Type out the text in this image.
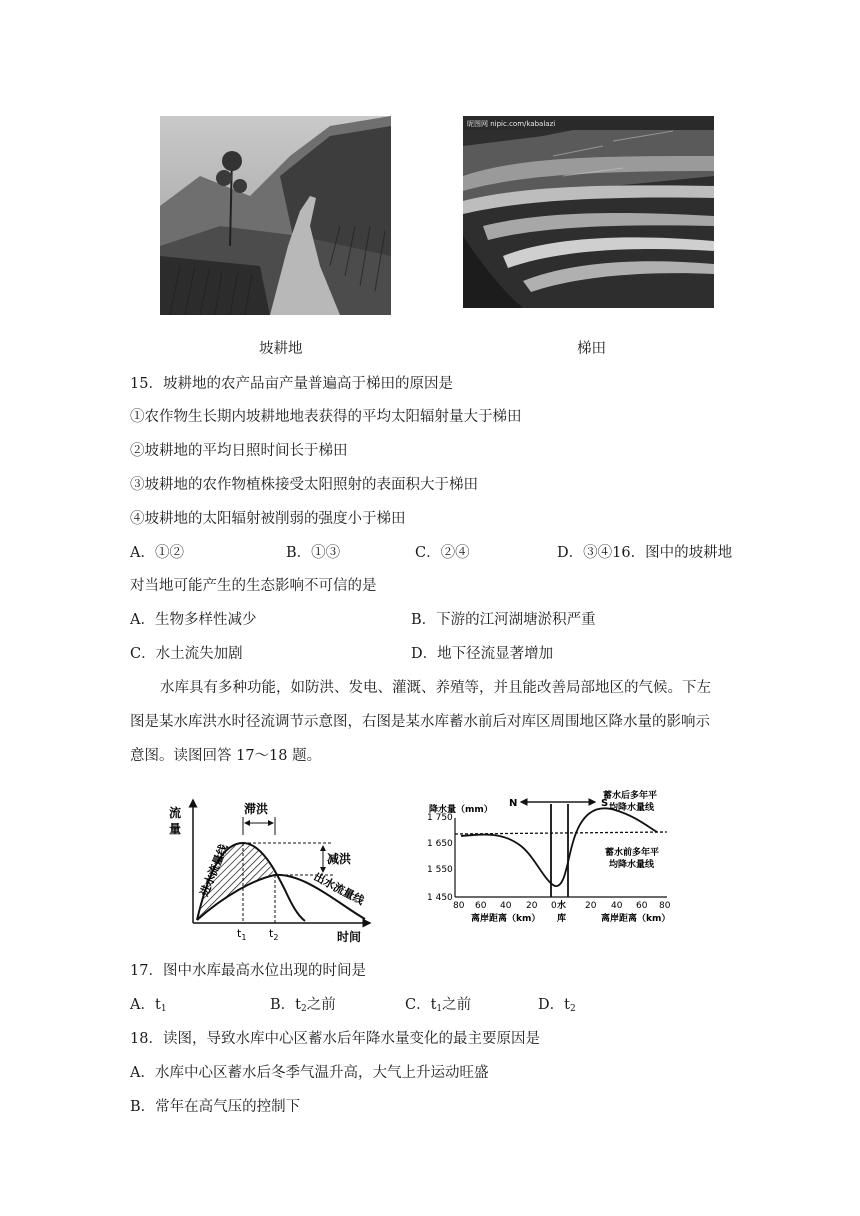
昵图网 nipic.com/kabalazi
坡耕地	梯田
15．坡耕地的农产品亩产量普遍高于梯田的原因是
①农作物生长期内坡耕地地表获得的平均太阳辐射量大于梯田
②坡耕地的平均日照时间长于梯田
③坡耕地的农作物植株接受太阳照射的表面积大于梯田
④坡耕地的太阳辐射被削弱的强度小于梯田
A．①②	B．①③	C．②④	D．③④16．图中的坡耕地
对当地可能产生的生态影响不可信的是
A．生物多样性减少	B．下游的江河湖塘淤积严重
C．水土流失加剧	D．地下径流显著增加
水库具有多种功能，如防洪、发电、灌溉、养殖等，并且能改善局部地区的气候。下左
图是某水库洪水时径流调节示意图，右图是某水库蓄水前后对库区周围地区降水量的影响示
意图。读图回答 17～18 题。
流
量
滞洪
减洪
进水流量线	出水流量线
$t_1$ $t_2$	时间
降水量（mm）
N	S
1 750
1 650
1 550
1 450
蓄水后多年平
均降水量线
蓄水前多年平
均降水量线
80 60 40 20 0 水
库
20 40 60 80
离岸距离（km）	离岸距离（km）
17．图中水库最高水位出现的时间是
A．$t_1$	B．$t_2$之前	C．$t_1$之前	D．$t_2$
18．读图，导致水库中心区蓄水后年降水量变化的最主要原因是
A．水库中心区蓄水后冬季气温升高，大气上升运动旺盛
B．常年在高气压的控制下
